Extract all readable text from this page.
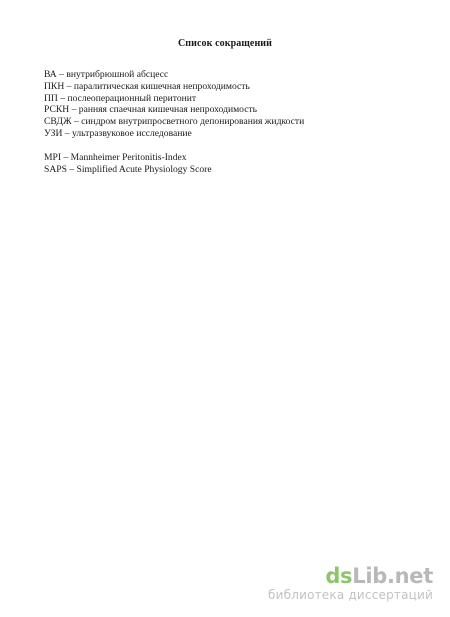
Список сокращений
ВА – внутрибрюшной абсцесс
ПКН – паралитическая кишечная непроходимость
ПП – послеоперационный перитонит
РСКН – ранняя спаечная кишечная непроходимость
СВДЖ – синдром внутрипросветного депонирования жидкости
УЗИ – ультразвуковое исследование
MPI – Mannheimer Peritonitis-Index
SAPS – Simplified Acute Physiology Score
dsLib.net
библиотека диссертаций
